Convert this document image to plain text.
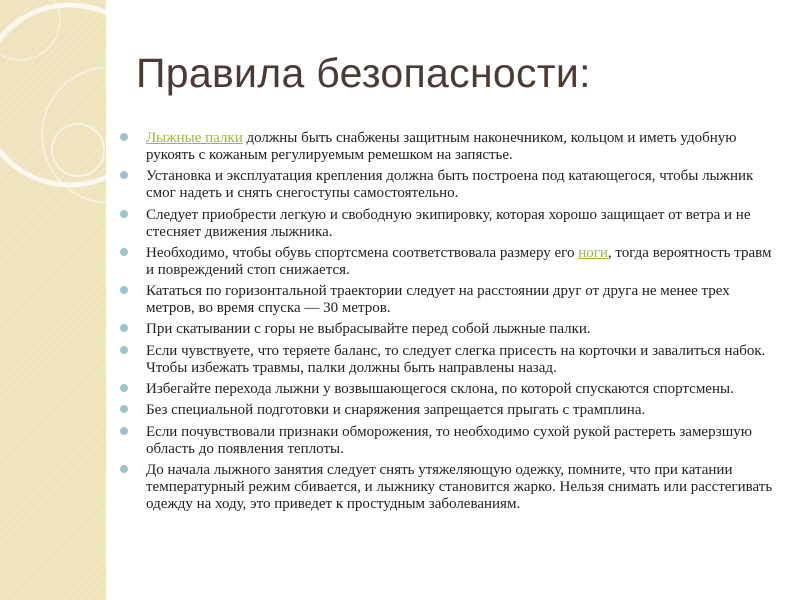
Правила безопасности:
Лыжные палки должны быть снабжены защитным наконечником, кольцом и иметь удобную рукоять с кожаным регулируемым ремешком на запястье.
Установка и эксплуатация крепления должна быть построена под катающегося, чтобы лыжник смог надеть и снять снегоступы самостоятельно.
Следует приобрести легкую и свободную экипировку, которая хорошо защищает от ветра и не стесняет движения лыжника.
Необходимо, чтобы обувь спортсмена соответствовала размеру его ноги, тогда вероятность травм и повреждений стоп снижается.
Кататься по горизонтальной траектории следует на расстоянии друг от друга не менее трех метров, во время спуска — 30 метров.
При скатывании с горы не выбрасывайте перед собой лыжные палки.
Если чувствуете, что теряете баланс, то следует слегка присесть на корточки и завалиться набок. Чтобы избежать травмы, палки должны быть направлены назад.
Избегайте перехода лыжни у возвышающегося склона, по которой спускаются спортсмены.
Без специальной подготовки и снаряжения запрещается прыгать с трамплина.
Если почувствовали признаки обморожения, то необходимо сухой рукой растереть замерзшую область до появления теплоты.
До начала лыжного занятия следует снять утяжеляющую одежку, помните, что при катании температурный режим сбивается, и лыжнику становится жарко. Нельзя снимать или расстегивать одежду на ходу, это приведет к простудным заболеваниям.
